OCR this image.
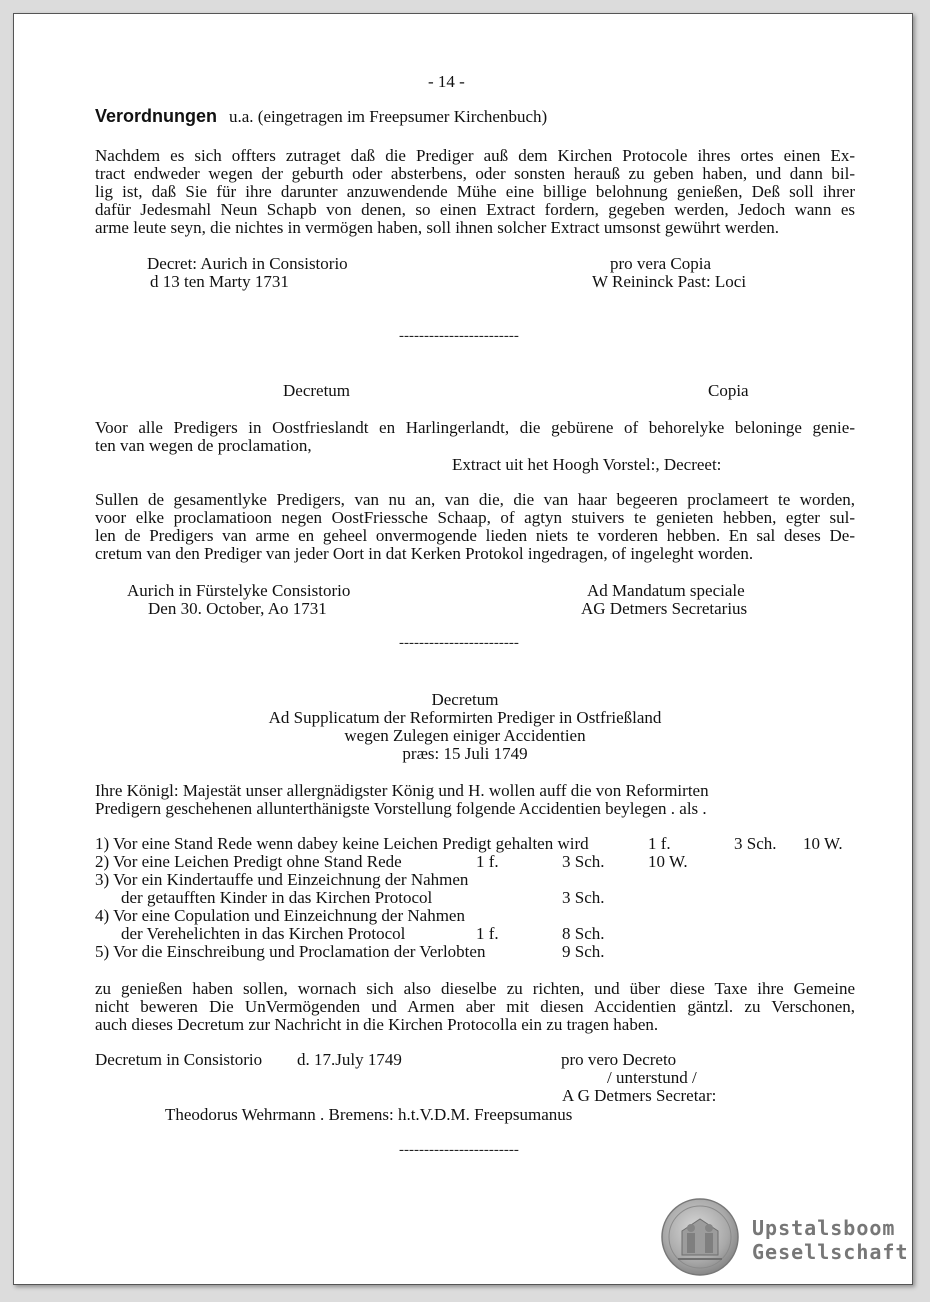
- 14 -
Verordnungen u.a. (eingetragen im Freepsumer Kirchenbuch)
Nachdem es sich offters zutraget daß die Prediger auß dem Kirchen Protocole ihres ortes einen Ex-
tract endweder wegen der geburth oder absterbens, oder sonsten herauß zu geben haben, und dann bil-
lig ist, daß Sie für ihre darunter anzuwendende Mühe eine billige belohnung genießen, Deß soll ihrer
dafür Jedesmahl Neun Schapb von denen, so einen Extract fordern, gegeben werden, Jedoch wann es
arme leute seyn, die nichtes in vermögen haben, soll ihnen solcher Extract umsonst gewührt werden.
Decret: Aurich in Consistorio
d 13 ten Marty 1731
pro vera Copia
W Reininck Past: Loci
------------------------
Decretum	Copia
Voor alle Predigers in Oostfrieslandt en Harlingerlandt, die gebürene of behorelyke beloninge genie-
ten van wegen de proclamation,
Extract uit het Hoogh Vorstel:, Decreet:
Sullen de gesamentlyke Predigers, van nu an, van die, die van haar begeeren proclameert te worden,
voor elke proclamatioon negen OostFriessche Schaap, of agtyn stuivers te genieten hebben, egter sul-
len de Predigers van arme en geheel onvermogende lieden niets te vorderen hebben. En sal deses De-
cretum van den Prediger van jeder Oort in dat Kerken Protokol ingedragen, of ingeleght worden.
Aurich in Fürstelyke Consistorio
Den 30. October, Ao 1731
Ad Mandatum speciale
AG Detmers Secretarius
------------------------
Decretum
Ad Supplicatum der Reformirten Prediger in Ostfrießland
wegen Zulegen einiger Accidentien
præs: 15 Juli 1749
Ihre Königl: Majestät unser allergnädigster König und H. wollen auff die von Reformirten
Predigern geschehenen allunterthänigste Vorstellung folgende Accidentien beylegen . als .
1) Vor eine Stand Rede wenn dabey keine Leichen Predigt gehalten wird	1 f.	3 Sch. 10 W.
2) Vor eine Leichen Predigt ohne Stand Rede	1 f.	3 Sch.	10 W.
3) Vor ein Kindertauffe und Einzeichnung der Nahmen
der getaufften Kinder in das Kirchen Protocol	3 Sch.
4) Vor eine Copulation und Einzeichnung der Nahmen
der Verehelichten in das Kirchen Protocol	1 f.	8 Sch.
5) Vor die Einschreibung und Proclamation der Verlobten	9 Sch.
zu genießen haben sollen, wornach sich also dieselbe zu richten, und über diese Taxe ihre Gemeine
nicht beweren Die UnVermögenden und Armen aber mit diesen Accidentien gäntzl. zu Verschonen,
auch dieses Decretum zur Nachricht in die Kirchen Protocolla ein zu tragen haben.
Decretum in Consistorio d. 17.July 1749	pro vero Decreto
/ unterstund /
A G Detmers Secretar:
Theodorus Wehrmann . Bremens: h.t.V.D.M. Freepsumanus
------------------------
Upstalsboom
Gesellschaft
